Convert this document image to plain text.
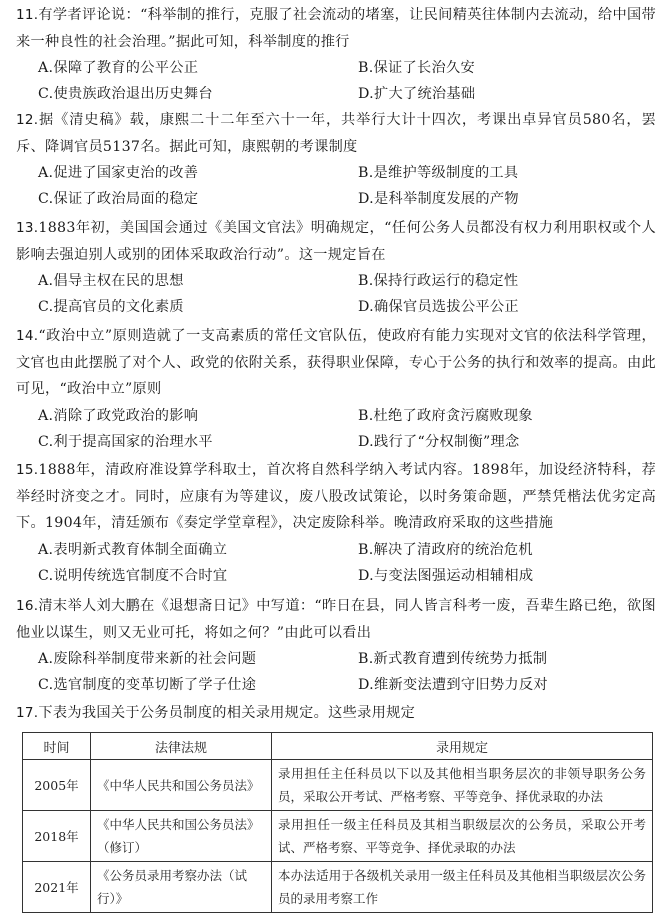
11.有学者评论说：“科举制的推行，克服了社会流动的堵塞，让民间精英往体制内去流动，给中国带来一种良性的社会治理。”据此可知，科举制度的推行
A.保障了教育的公平公正	B.保证了长治久安
C.使贵族政治退出历史舞台	D.扩大了统治基础
12.据《清史稿》载，康熙二十二年至六十一年，共举行大计十四次，考课出卓异官员580名，罢斥、降调官员5137名。据此可知，康熙朝的考课制度
A.促进了国家吏治的改善	B.是维护等级制度的工具
C.保证了政治局面的稳定	D.是科举制度发展的产物
13.1883年初，美国国会通过《美国文官法》明确规定，“任何公务人员都没有权力利用职权或个人影响去强迫别人或别的团体采取政治行动”。这一规定旨在
A.倡导主权在民的思想	B.保持行政运行的稳定性
C.提高官员的文化素质	D.确保官员选拔公平公正
14.“政治中立”原则造就了一支高素质的常任文官队伍，使政府有能力实现对文官的依法科学管理，文官也由此摆脱了对个人、政党的依附关系，获得职业保障，专心于公务的执行和效率的提高。由此可见，“政治中立”原则
A.消除了政党政治的影响	B.杜绝了政府贪污腐败现象
C.利于提高国家的治理水平	D.践行了“分权制衡”理念
15.1888年，清政府准设算学科取士，首次将自然科学纳入考试内容。1898年，加设经济特科，荐举经时济变之才。同时，应康有为等建议，废八股改试策论，以时务策命题，严禁凭楷法优劣定高下。1904年，清廷颁布《奏定学堂章程》，决定废除科举。晚清政府采取的这些措施
A.表明新式教育体制全面确立	B.解决了清政府的统治危机
C.说明传统选官制度不合时宜	D.与变法图强运动相辅相成
16.清末举人刘大鹏在《退想斋日记》中写道：“昨日在县，同人皆言科考一废，吾辈生路已绝，欲图他业以谋生，则又无业可托，将如之何？”由此可以看出
A.废除科举制度带来新的社会问题	B.新式教育遭到传统势力抵制
C.选官制度的变革切断了学子仕途	D.维新变法遭到守旧势力反对
17.下表为我国关于公务员制度的相关录用规定。这些录用规定
时间	法律法规	录用规定
2005年	《中华人民共和国公务员法》	录用担任主任科员以下以及其他相当职务层次的非领导职务公务员，采取公开考试、严格考察、平等竞争、择优录取的办法
2018年	《中华人民共和国公务员法》（修订）	录用担任一级主任科员及其相当职级层次的公务员，采取公开考试、严格考察、平等竞争、择优录取的办法
2021年	《公务员录用考察办法（试行）》	本办法适用于各级机关录用一级主任科员及其他相当职级层次公务员的录用考察工作
